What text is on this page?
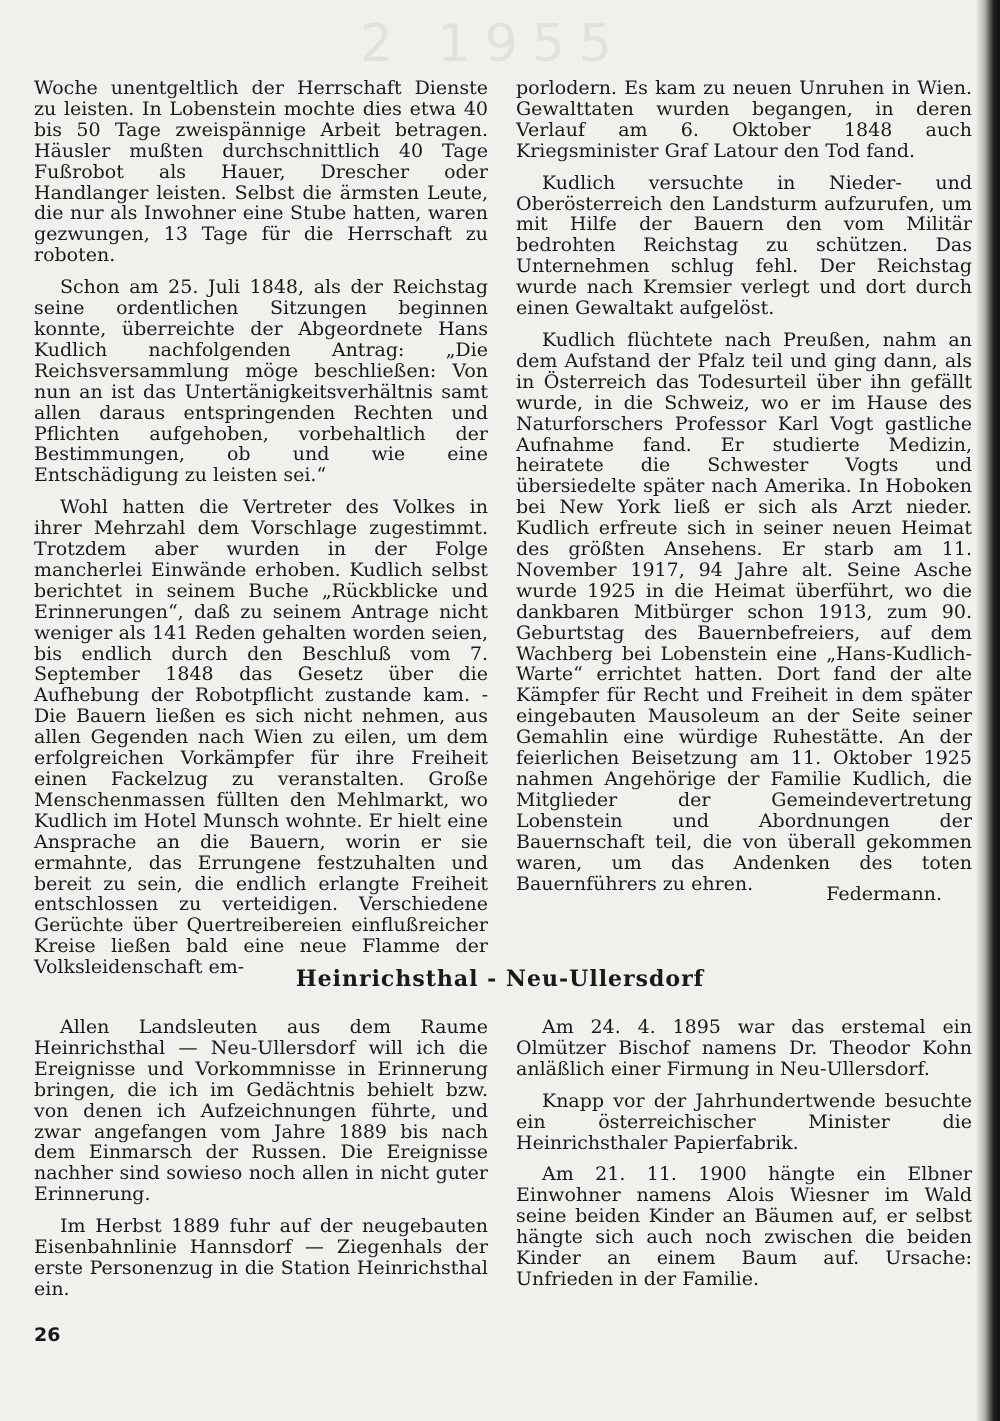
2 1955

Woche unentgeltlich der Herrschaft Dienste zu leisten. In Lobenstein mochte dies etwa 40 bis 50 Tage zweispännige Arbeit betragen. Häusler mußten durchschnittlich 40 Tage Fußrobot als Hauer, Drescher oder Handlanger leisten. Selbst die ärmsten Leute, die nur als Inwohner eine Stube hatten, waren gezwungen, 13 Tage für die Herrschaft zu roboten.

Schon am 25. Juli 1848, als der Reichstag seine ordentlichen Sitzungen beginnen konnte, überreichte der Abgeordnete Hans Kudlich nachfolgenden Antrag: „Die Reichsversammlung möge beschließen: Von nun an ist das Untertänigkeitsverhältnis samt allen daraus entspringenden Rechten und Pflichten aufgehoben, vorbehaltlich der Bestimmungen, ob und wie eine Entschädigung zu leisten sei.“

Wohl hatten die Vertreter des Volkes in ihrer Mehrzahl dem Vorschlage zugestimmt. Trotzdem aber wurden in der Folge mancherlei Einwände erhoben. Kudlich selbst berichtet in seinem Buche „Rückblicke und Erinnerungen“, daß zu seinem Antrage nicht weniger als 141 Reden gehalten worden seien, bis endlich durch den Beschluß vom 7. September 1848 das Gesetz über die Aufhebung der Robotpflicht zustande kam. - Die Bauern ließen es sich nicht nehmen, aus allen Gegenden nach Wien zu eilen, um dem erfolgreichen Vorkämpfer für ihre Freiheit einen Fackelzug zu veranstalten. Große Menschenmassen füllten den Mehlmarkt, wo Kudlich im Hotel Munsch wohnte. Er hielt eine Ansprache an die Bauern, worin er sie ermahnte, das Errungene festzuhalten und bereit zu sein, die endlich erlangte Freiheit entschlossen zu verteidigen. Verschiedene Gerüchte über Quertreibereien einflußreicher Kreise ließen bald eine neue Flamme der Volksleidenschaft em-

porlodern. Es kam zu neuen Unruhen in Wien. Gewalttaten wurden begangen, in deren Verlauf am 6. Oktober 1848 auch Kriegsminister Graf Latour den Tod fand.

Kudlich versuchte in Nieder- und Oberösterreich den Landsturm aufzurufen, um mit Hilfe der Bauern den vom Militär bedrohten Reichstag zu schützen. Das Unternehmen schlug fehl. Der Reichstag wurde nach Kremsier verlegt und dort durch einen Gewaltakt aufgelöst.

Kudlich flüchtete nach Preußen, nahm an dem Aufstand der Pfalz teil und ging dann, als in Österreich das Todesurteil über ihn gefällt wurde, in die Schweiz, wo er im Hause des Naturforschers Professor Karl Vogt gastliche Aufnahme fand. Er studierte Medizin, heiratete die Schwester Vogts und übersiedelte später nach Amerika. In Hoboken bei New York ließ er sich als Arzt nieder. Kudlich erfreute sich in seiner neuen Heimat des größten Ansehens. Er starb am 11. November 1917, 94 Jahre alt. Seine Asche wurde 1925 in die Heimat überführt, wo die dankbaren Mitbürger schon 1913, zum 90. Geburtstag des Bauernbefreiers, auf dem Wachberg bei Lobenstein eine „Hans-Kudlich-Warte“ errichtet hatten. Dort fand der alte Kämpfer für Recht und Freiheit in dem später eingebauten Mausoleum an der Seite seiner Gemahlin eine würdige Ruhestätte. An der feierlichen Beisetzung am 11. Oktober 1925 nahmen Angehörige der Familie Kudlich, die Mitglieder der Gemeindevertretung Lobenstein und Abordnungen der Bauernschaft teil, die von überall gekommen waren, um das Andenken des toten Bauernführers zu ehren.	Federmann.

Heinrichsthal - Neu-Ullersdorf

Allen Landsleuten aus dem Raume Heinrichsthal — Neu-Ullersdorf will ich die Ereignisse und Vorkommnisse in Erinnerung bringen, die ich im Gedächtnis behielt bzw. von denen ich Aufzeichnungen führte, und zwar angefangen vom Jahre 1889 bis nach dem Einmarsch der Russen. Die Ereignisse nachher sind sowieso noch allen in nicht guter Erinnerung.

Im Herbst 1889 fuhr auf der neugebauten Eisenbahnlinie Hannsdorf — Ziegenhals der erste Personenzug in die Station Heinrichsthal ein.

Am 24. 4. 1895 war das erstemal ein Olmützer Bischof namens Dr. Theodor Kohn anläßlich einer Firmung in Neu-Ullersdorf.

Knapp vor der Jahrhundertwende besuchte ein österreichischer Minister die Heinrichsthaler Papierfabrik.

Am 21. 11. 1900 hängte ein Elbner Einwohner namens Alois Wiesner im Wald seine beiden Kinder an Bäumen auf, er selbst hängte sich auch noch zwischen die beiden Kinder an einem Baum auf. Ursache: Unfrieden in der Familie.

26
